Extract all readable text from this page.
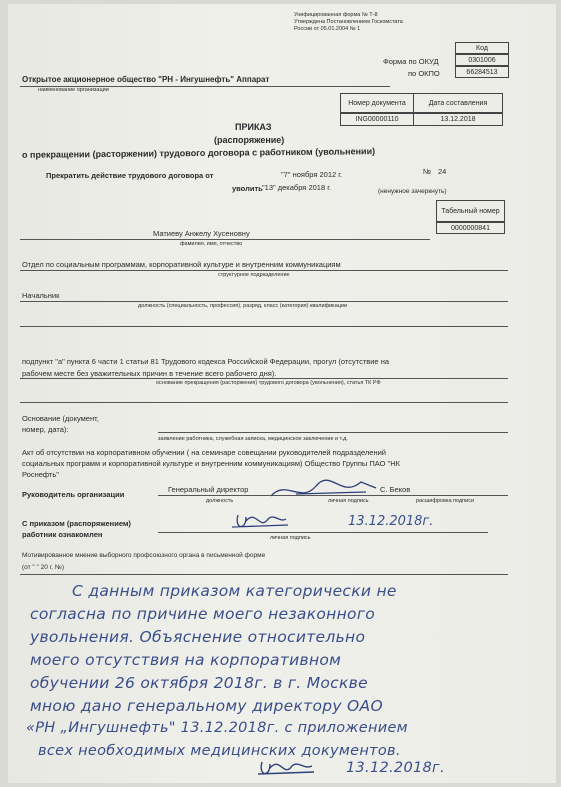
Унифицированная форма № Т-8
Утверждена Постановлением Госкомстата
России от 05.01.2004 № 1
Код
Форма по ОКУД	0301006
по ОКПО	66284513
Открытое акционерное общество "РН - Ингушнефть" Аппарат
наименование организации
Номер документа	Дата составления
ING00000110	13.12.2018
ПРИКАЗ
(распоряжение)
о прекращении (расторжении) трудового договора с работником (увольнении)
Прекратить действие трудового договора от	"7" ноября 2012 г.	№ 24
уволить "13" декабря 2018 г.	(ненужное зачеркнуть)
Табельный номер
0000000841
Матиеву Анжелу Хусеновну
фамилия, имя, отчество
Отдел по социальным программам, корпоративной культуре и внутренним коммуникациям
структурное подразделение
Начальник
должность (специальность, профессия), разряд, класс (категория) квалификации
подпункт "а" пункта 6 части 1 статьи 81 Трудового кодекса Российской Федерации, прогул (отсутствие на
рабочем месте без уважительных причин в течение всего рабочего дня).
основание прекращения (расторжения) трудового договора (увольнения), статья ТК РФ
Основание (документ,
номер, дата):
заявление работника, служебная записка, медицинское заключение и т.д.
Акт об отсутствии на корпоративном обучении ( на семинаре совещании руководителей подразделений
социальных программ и корпоративной культуре и внутренним коммуникациям) Общество Группы ПАО "НК
Роснефть"
Руководитель организации
Генеральный директор	С. Беков
должность	личная подпись	расшифровка подписи
С приказом (распоряжением)
работник ознакомлен
13.12.2018г.
личная подпись
Мотивированное мнение выборного профсоюзного органа в письменной форме
(от " " 20 г. №)
С данным приказом категорически не
согласна по причине моего незаконного
увольнения. Объяснение относительно
моего отсутствия на корпоративном
обучении 26 октября 2018г. в г. Москве
мною дано генеральному директору ОАО
«РН „Ингушнефть" 13.12.2018г. с приложением
всех необходимых медицинских документов.
13.12.2018г.
